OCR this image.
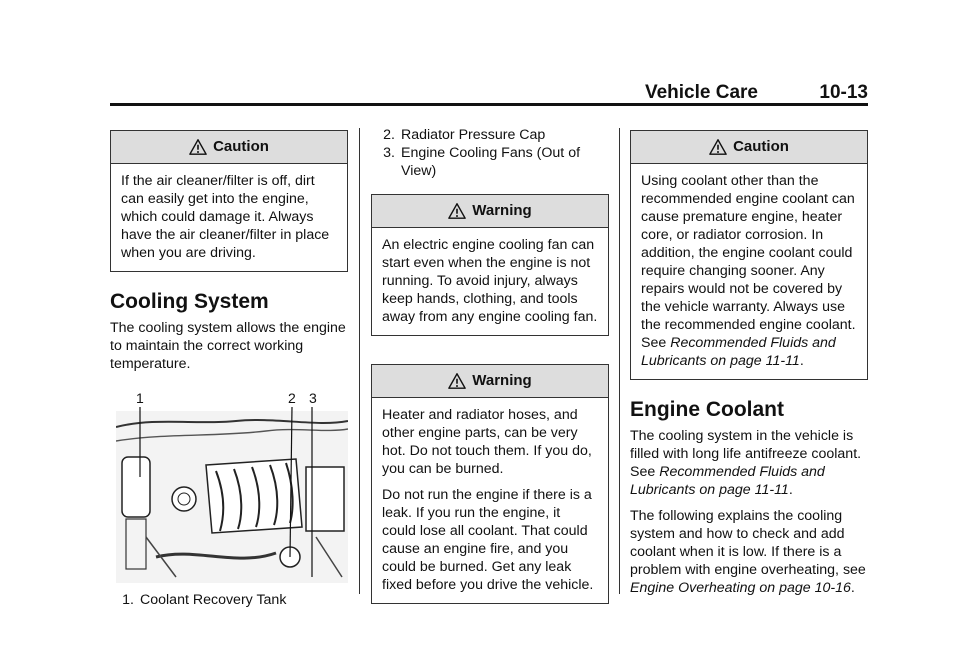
Vehicle Care	10-13
Caution

If the air cleaner/filter is off, dirt can easily get into the engine, which could damage it. Always have the air cleaner/filter in place when you are driving.

Cooling System

The cooling system allows the engine to maintain the correct working temperature.

1	2 3
1. Coolant Recovery Tank
2. Radiator Pressure Cap
3. Engine Cooling Fans (Out of View)
Warning

An electric engine cooling fan can start even when the engine is not running. To avoid injury, always keep hands, clothing, and tools away from any engine cooling fan.

Warning

Heater and radiator hoses, and other engine parts, can be very hot. Do not touch them. If you do, you can be burned.

Do not run the engine if there is a leak. If you run the engine, it could lose all coolant. That could cause an engine fire, and you could be burned. Get any leak fixed before you drive the vehicle.

Caution

Using coolant other than the recommended engine coolant can cause premature engine, heater core, or radiator corrosion. In addition, the engine coolant could require changing sooner. Any repairs would not be covered by the vehicle warranty. Always use the recommended engine coolant. See Recommended Fluids and Lubricants on page 11-11.

Engine Coolant

The cooling system in the vehicle is filled with long life antifreeze coolant. See Recommended Fluids and Lubricants on page 11-11.

The following explains the cooling system and how to check and add coolant when it is low. If there is a problem with engine overheating, see Engine Overheating on page 10-16.
